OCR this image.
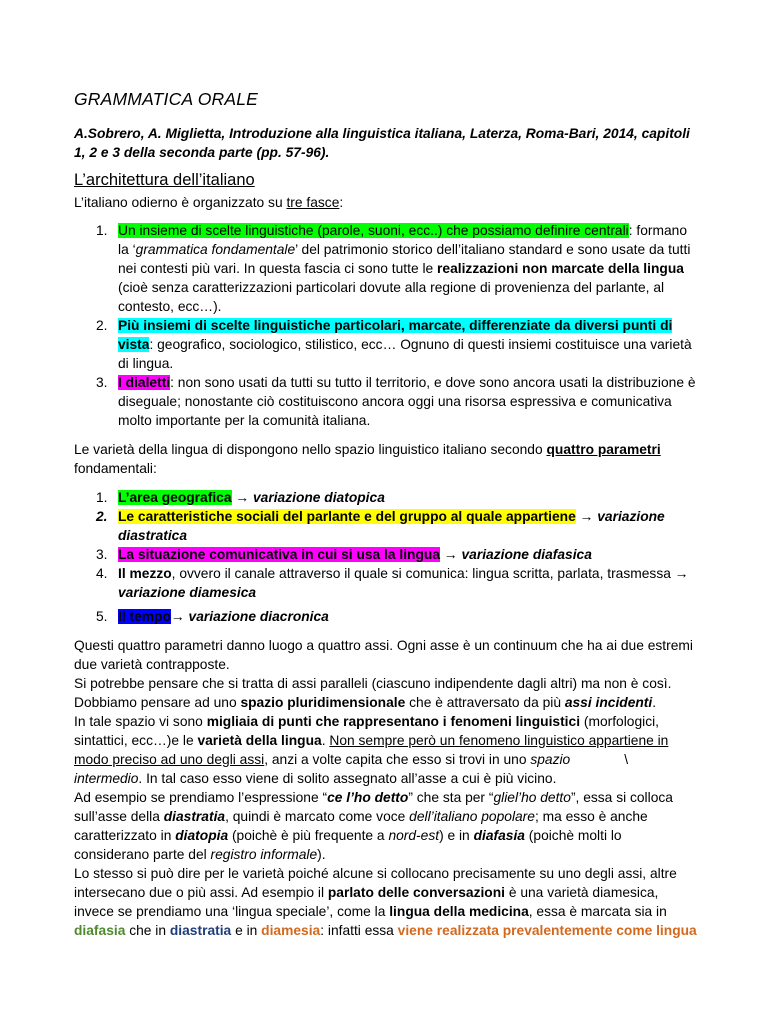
GRAMMATICA ORALE

A.Sobrero, A. Miglietta, Introduzione alla linguistica italiana, Laterza, Roma-Bari, 2014, capitoli 1, 2 e 3 della seconda parte (pp. 57-96).

L’architettura dell’italiano

L’italiano odierno è organizzato su tre fasce:

1. Un insieme di scelte linguistiche (parole, suoni, ecc..) che possiamo definire centrali: formano la ‘grammatica fondamentale’ del patrimonio storico dell’italiano standard e sono usate da tutti nei contesti più vari. In questa fascia ci sono tutte le realizzazioni non marcate della lingua (cioè senza caratterizzazioni particolari dovute alla regione di provenienza del parlante, al contesto, ecc…).
2. Più insiemi di scelte linguistiche particolari, marcate, differenziate da diversi punti di vista: geografico, sociologico, stilistico, ecc… Ognuno di questi insiemi costituisce una varietà di lingua.
3. I dialetti: non sono usati da tutti su tutto il territorio, e dove sono ancora usati la distribuzione è diseguale; nonostante ciò costituiscono ancora oggi una risorsa espressiva e comunicativa molto importante per la comunità italiana.

Le varietà della lingua di dispongono nello spazio linguistico italiano secondo quattro parametri fondamentali:

1. L’area geografica → variazione diatopica
2. Le caratteristiche sociali del parlante e del gruppo al quale appartiene → variazione diastratica
3. La situazione comunicativa in cui si usa la lingua → variazione diafasica
4. Il mezzo, ovvero il canale attraverso il quale si comunica: lingua scritta, parlata, trasmessa → variazione diamesica
5. Il tempo→ variazione diacronica

Questi quattro parametri danno luogo a quattro assi. Ogni asse è un continuum che ha ai due estremi due varietà contrapposte.

Si potrebbe pensare che si tratta di assi paralleli (ciascuno indipendente dagli altri) ma non è così.

Dobbiamo pensare ad uno spazio pluridimensionale che è attraversato da più assi incidenti.

In tale spazio vi sono migliaia di punti che rappresentano i fenomeni linguistici (morfologici, sintattici, ecc…)e le varietà della lingua. Non sempre però un fenomeno linguistico appartiene in modo preciso ad uno degli assi, anzi a volte capita che esso si trovi in uno spazio	\ intermedio. In tal caso esso viene di solito assegnato all’asse a cui è più vicino.

Ad esempio se prendiamo l’espressione “ce l’ho detto” che sta per “gliel’ho detto”, essa si colloca sull’asse della diastratia, quindi è marcato come voce dell’italiano popolare; ma esso è anche caratterizzato in diatopia (poichè è più frequente a nord-est) e in diafasia (poichè molti lo considerano parte del registro informale).

Lo stesso si può dire per le varietà poiché alcune si collocano precisamente su uno degli assi, altre intersecano due o più assi. Ad esempio il parlato delle conversazioni è una varietà diamesica, invece se prendiamo una ‘lingua speciale’, come la lingua della medicina, essa è marcata sia in diafasia che in diastratia e in diamesia: infatti essa viene realizzata prevalentemente come lingua
